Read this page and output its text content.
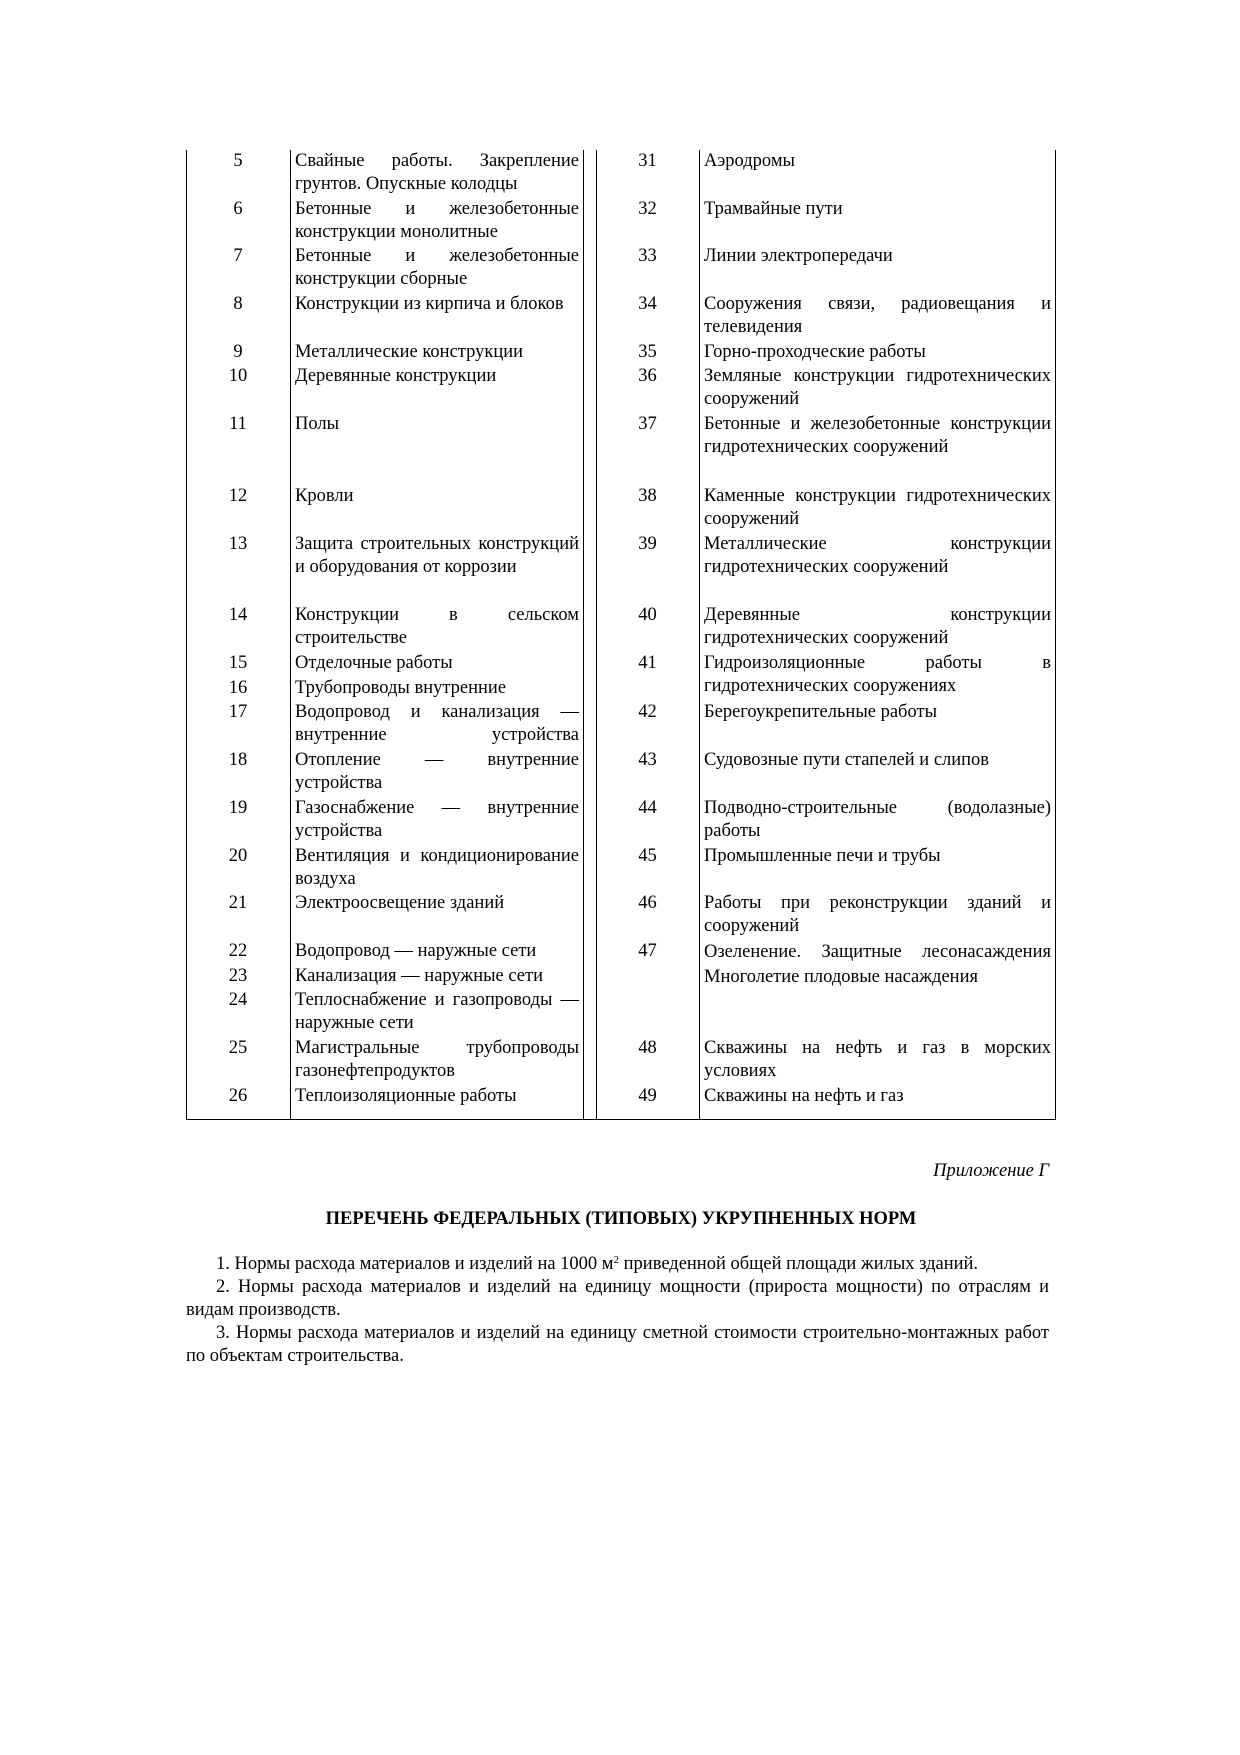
5	Свайные работы. Закрепление грунтов. Опускные колодцы
6	Бетонные и железобетонные конструкции монолитные
7	Бетонные и железобетонные конструкции сборные
8	Конструкции из кирпича и блоков
9	Металлические конструкции
10	Деревянные конструкции
11	Полы
12	Кровли
13	Защита строительных конструкций и оборудования от коррозии
14	Конструкции в сельском строительстве
15	Отделочные работы
16	Трубопроводы внутренние
17	Водопровод и канализация — внутренние устройства
18	Отопление — внутренние устройства
19	Газоснабжение — внутренние устройства
20	Вентиляция и кондиционирование воздуха
21	Электроосвещение зданий
22	Водопровод — наружные сети
23	Канализация — наружные сети
24	Теплоснабжение и газопроводы — наружные сети
25	Магистральные трубопроводы газонефтепродуктов
26	Теплоизоляционные работы
31	Аэродромы
32	Трамвайные пути
33	Линии электропередачи
34	Сооружения связи, радиовещания и телевидения
35	Горно-проходческие работы
36	Земляные конструкции гидротехнических сооружений
37	Бетонные и железобетонные конструкции гидротехнических сооружений
38	Каменные конструкции гидротехнических сооружений
39	Металлические конструкции гидротехнических сооружений
40	Деревянные конструкции гидротехнических сооружений
41	Гидроизоляционные работы в гидротехнических сооружениях
42	Берегоукрепительные работы
43	Судовозные пути стапелей и слипов
44	Подводно-строительные (водолазные) работы
45	Промышленные печи и трубы
46	Работы при реконструкции зданий и сооружений
47	Озеленение. Защитные лесонасаждения Многолетие плодовые насаждения
48	Скважины на нефть и газ в морских условиях
49	Скважины на нефть и газ
Приложение Г
ПЕРЕЧЕНЬ ФЕДЕРАЛЬНЫХ (ТИПОВЫХ) УКРУПНЕННЫХ НОРМ

1. Нормы расхода материалов и изделий на 1000 $м^2$ приведенной общей площади жилых зданий.

2. Нормы расхода материалов и изделий на единицу мощности (прироста мощности) по отраслям и видам производств.

3. Нормы расхода материалов и изделий на единицу сметной стоимости строительно-монтажных работ по объектам строительства.
